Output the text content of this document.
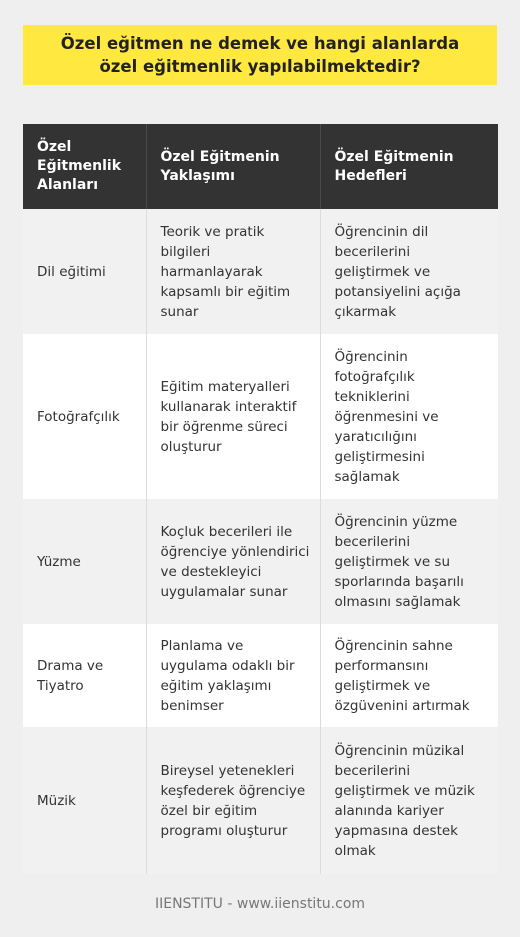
Özel eğitmen ne demek ve hangi alanlarda özel eğitmenlik yapılabilmektedir?
Özel Eğitmenlik Alanları	Özel Eğitmenin Yaklaşımı	Özel Eğitmenin Hedefleri
Dil eğitimi	Teorik ve pratik bilgileri harmanlayarak kapsamlı bir eğitim sunar	Öğrencinin dil becerilerini geliştirmek ve potansiyelini açığa çıkarmak
Fotoğrafçılık	Eğitim materyalleri kullanarak interaktif bir öğrenme süreci oluşturur	Öğrencinin fotoğrafçılık tekniklerini öğrenmesini ve yaratıcılığını geliştirmesini sağlamak
Yüzme	Koçluk becerileri ile öğrenciye yönlendirici ve destekleyici uygulamalar sunar	Öğrencinin yüzme becerilerini geliştirmek ve su sporlarında başarılı olmasını sağlamak
Drama ve Tiyatro	Planlama ve uygulama odaklı bir eğitim yaklaşımı benimser	Öğrencinin sahne performansını geliştirmek ve özgüvenini artırmak
Müzik	Bireysel yetenekleri keşfederek öğrenciye özel bir eğitim programı oluşturur	Öğrencinin müzikal becerilerini geliştirmek ve müzik alanında kariyer yapmasına destek olmak
IIENSTITU - www.iienstitu.com
